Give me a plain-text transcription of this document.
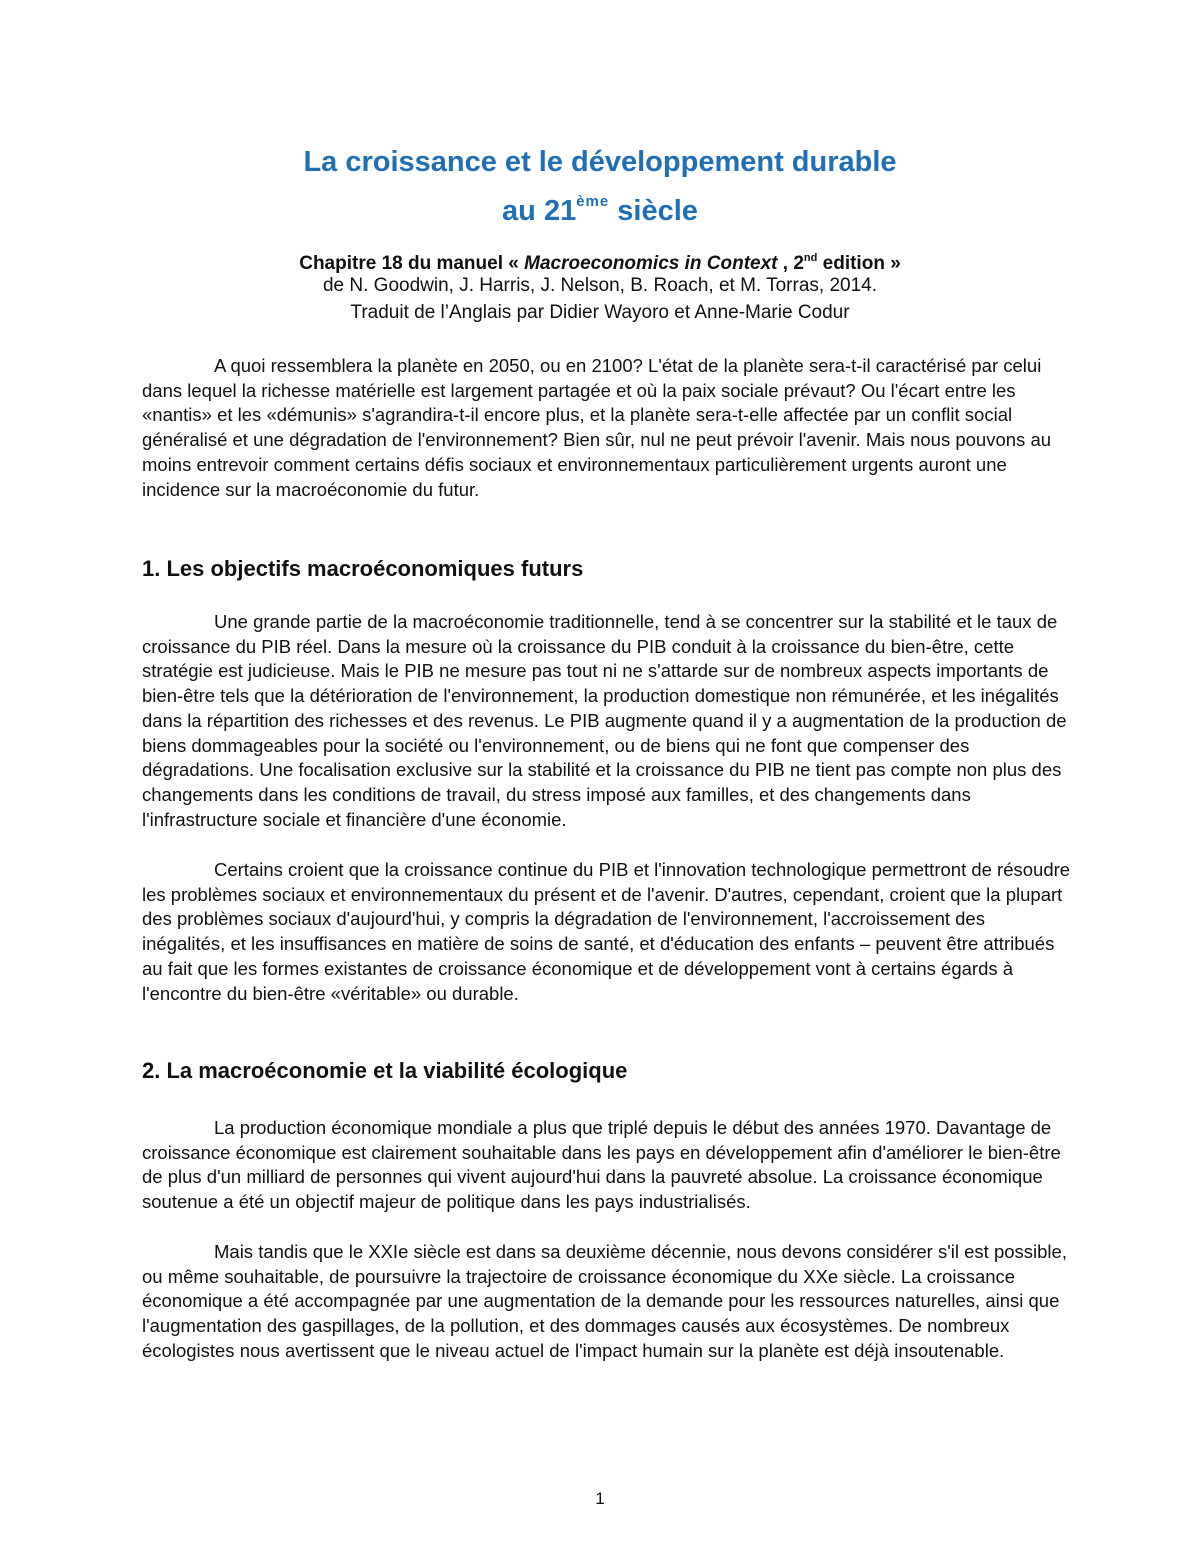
La croissance et le développement durable
au 21ème siècle
Chapitre 18 du manuel « Macroeconomics in Context , 2nd edition »
de N. Goodwin, J. Harris, J. Nelson, B. Roach, et M. Torras, 2014.
Traduit de l’Anglais par Didier Wayoro et Anne-Marie Codur
A quoi ressemblera la planète en 2050, ou en 2100? L'état de la planète sera-t-il caractérisé par celui dans lequel la richesse matérielle est largement partagée et où la paix sociale prévaut? Ou l'écart entre les «nantis» et les «démunis» s'agrandira-t-il encore plus, et la planète sera-t-elle affectée par un conflit social généralisé et une dégradation de l'environnement? Bien sûr, nul ne peut prévoir l'avenir. Mais nous pouvons au moins entrevoir comment certains défis sociaux et environnementaux particulièrement urgents auront une incidence sur la macroéconomie du futur.
1. Les objectifs macroéconomiques futurs
Une grande partie de la macroéconomie traditionnelle, tend à se concentrer sur la stabilité et le taux de croissance du PIB réel. Dans la mesure où la croissance du PIB conduit à la croissance du bien-être, cette stratégie est judicieuse. Mais le PIB ne mesure pas tout ni ne s'attarde sur de nombreux aspects importants de bien-être tels que la détérioration de l'environnement, la production domestique non rémunérée, et les inégalités dans la répartition des richesses et des revenus. Le PIB augmente quand il y a augmentation de la production de biens dommageables pour la société ou l'environnement, ou de biens qui ne font que compenser des dégradations. Une focalisation exclusive sur la stabilité et la croissance du PIB ne tient pas compte non plus des changements dans les conditions de travail, du stress imposé aux familles, et des changements dans l'infrastructure sociale et financière d'une économie.
Certains croient que la croissance continue du PIB et l'innovation technologique permettront de résoudre les problèmes sociaux et environnementaux du présent et de l'avenir. D'autres, cependant, croient que la plupart des problèmes sociaux d'aujourd'hui, y compris la dégradation de l'environnement, l'accroissement des inégalités, et les insuffisances en matière de soins de santé, et d'éducation des enfants – peuvent être attribués au fait que les formes existantes de croissance économique et de développement vont à certains égards à l'encontre du bien-être «véritable» ou durable.
2. La macroéconomie et la viabilité écologique
La production économique mondiale a plus que triplé depuis le début des années 1970. Davantage de croissance économique est clairement souhaitable dans les pays en développement afin d'améliorer le bien-être de plus d'un milliard de personnes qui vivent aujourd'hui dans la pauvreté absolue. La croissance économique soutenue a été un objectif majeur de politique dans les pays industrialisés.
Mais tandis que le XXIe siècle est dans sa deuxième décennie, nous devons considérer s'il est possible, ou même souhaitable, de poursuivre la trajectoire de croissance économique du XXe siècle. La croissance économique a été accompagnée par une augmentation de la demande pour les ressources naturelles, ainsi que l'augmentation des gaspillages, de la pollution, et des dommages causés aux écosystèmes. De nombreux écologistes nous avertissent que le niveau actuel de l'impact humain sur la planète est déjà insoutenable.
1
